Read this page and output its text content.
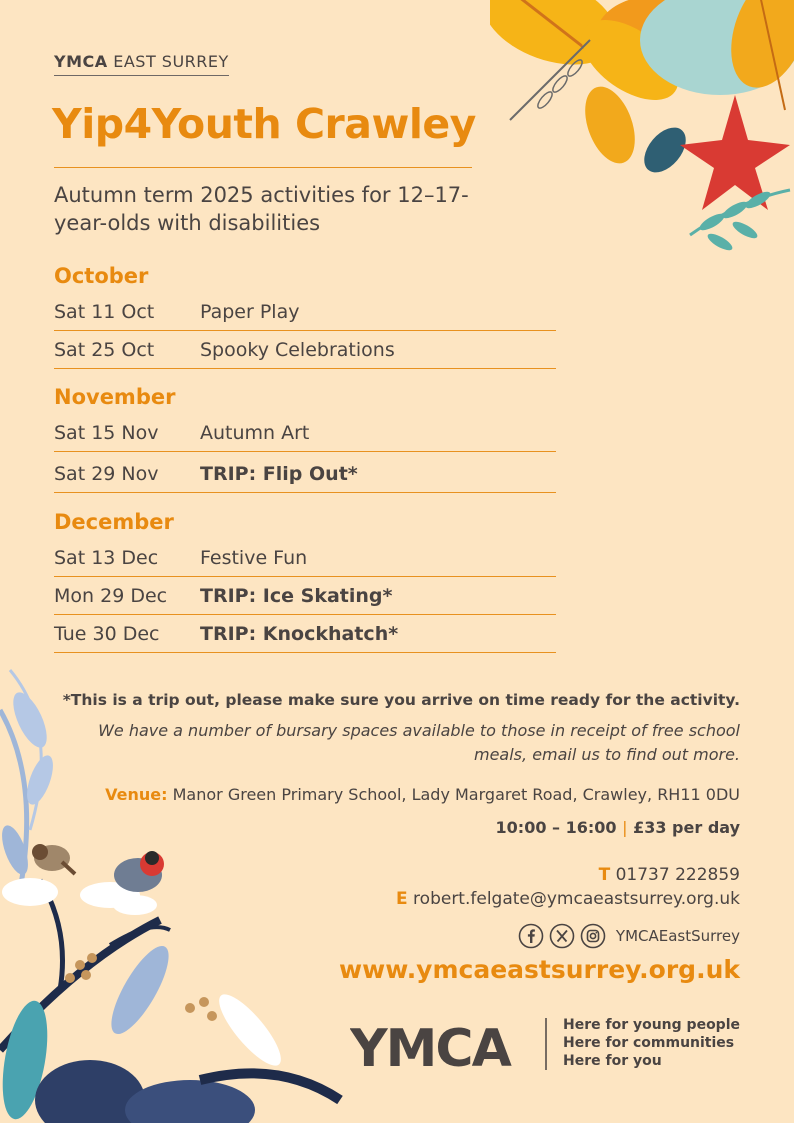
YMCA EAST SURREY
Yip4Youth Crawley
Autumn term 2025 activities for 12–17-year-olds with disabilities
October
Sat 11 Oct Paper Play
Sat 25 Oct Spooky Celebrations
November
Sat 15 Nov Autumn Art
Sat 29 Nov TRIP: Flip Out*
December
Sat 13 Dec Festive Fun
Mon 29 Dec TRIP: Ice Skating*
Tue 30 Dec TRIP: Knockhatch*
*This is a trip out, please make sure you arrive on time ready for the activity.
We have a number of bursary spaces available to those in receipt of free school meals, email us to find out more.
Venue: Manor Green Primary School, Lady Margaret Road, Crawley, RH11 0DU
10:00 – 16:00 | £33 per day
T 01737 222859
E robert.felgate@ymcaeastsurrey.org.uk
YMCAEastSurrey
www.ymcaeastsurrey.org.uk
YMCA	Here for young people
Here for communities
Here for you
